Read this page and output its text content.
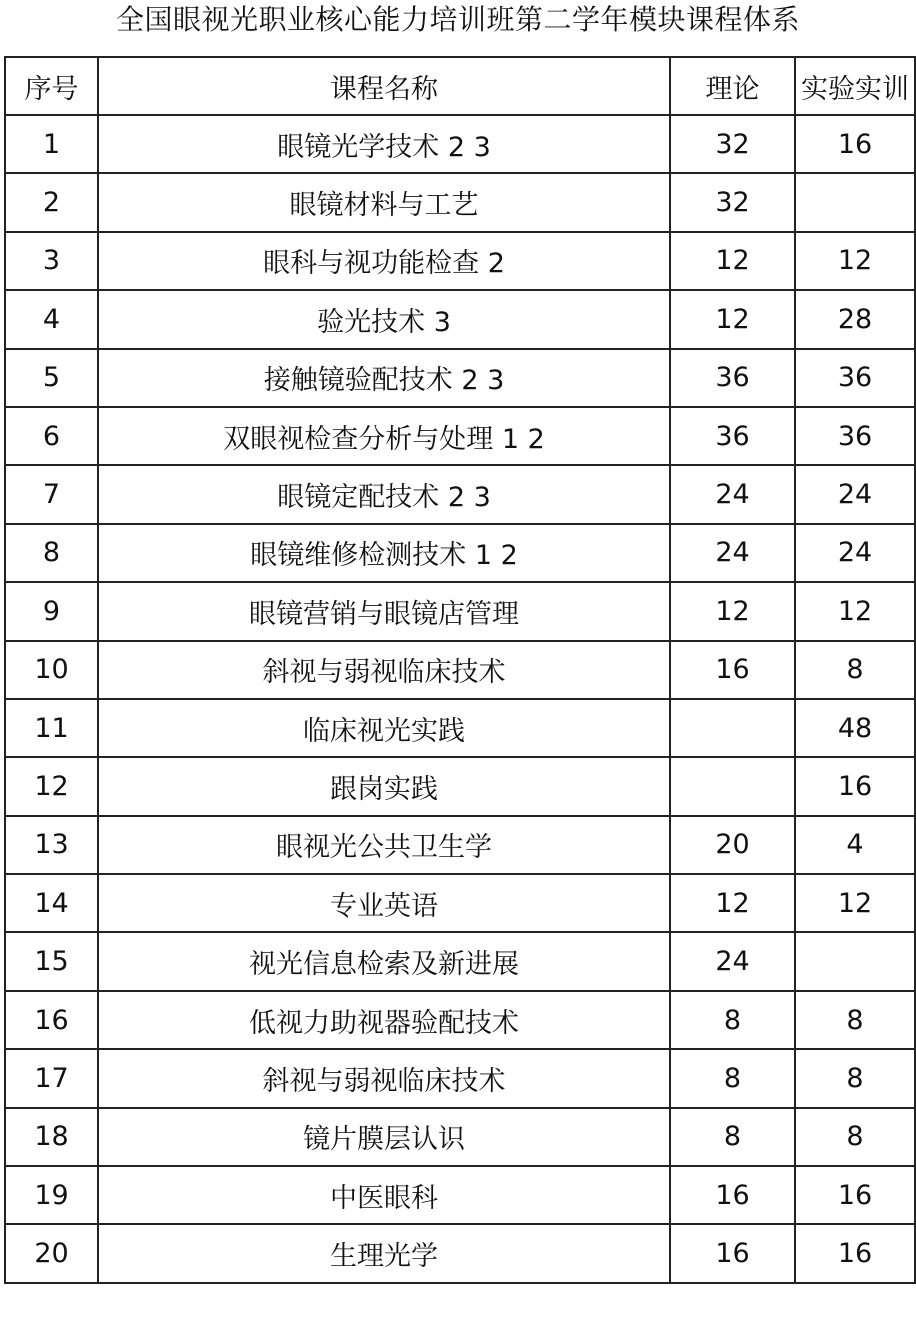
全国眼视光职业核心能力培训班第二学年模块课程体系
序号	课程名称	理论	实验实训
1	眼镜光学技术 2 3	32	16
2	眼镜材料与工艺	32	
3	眼科与视功能检查 2	12	12
4	验光技术 3	12	28
5	接触镜验配技术 2 3	36	36
6	双眼视检查分析与处理 1 2	36	36
7	眼镜定配技术 2 3	24	24
8	眼镜维修检测技术 1 2	24	24
9	眼镜营销与眼镜店管理	12	12
10	斜视与弱视临床技术	16	8
11	临床视光实践		48
12	跟岗实践		16
13	眼视光公共卫生学	20	4
14	专业英语	12	12
15	视光信息检索及新进展	24	
16	低视力助视器验配技术	8	8
17	斜视与弱视临床技术	8	8
18	镜片膜层认识	8	8
19	中医眼科	16	16
20	生理光学	16	16
